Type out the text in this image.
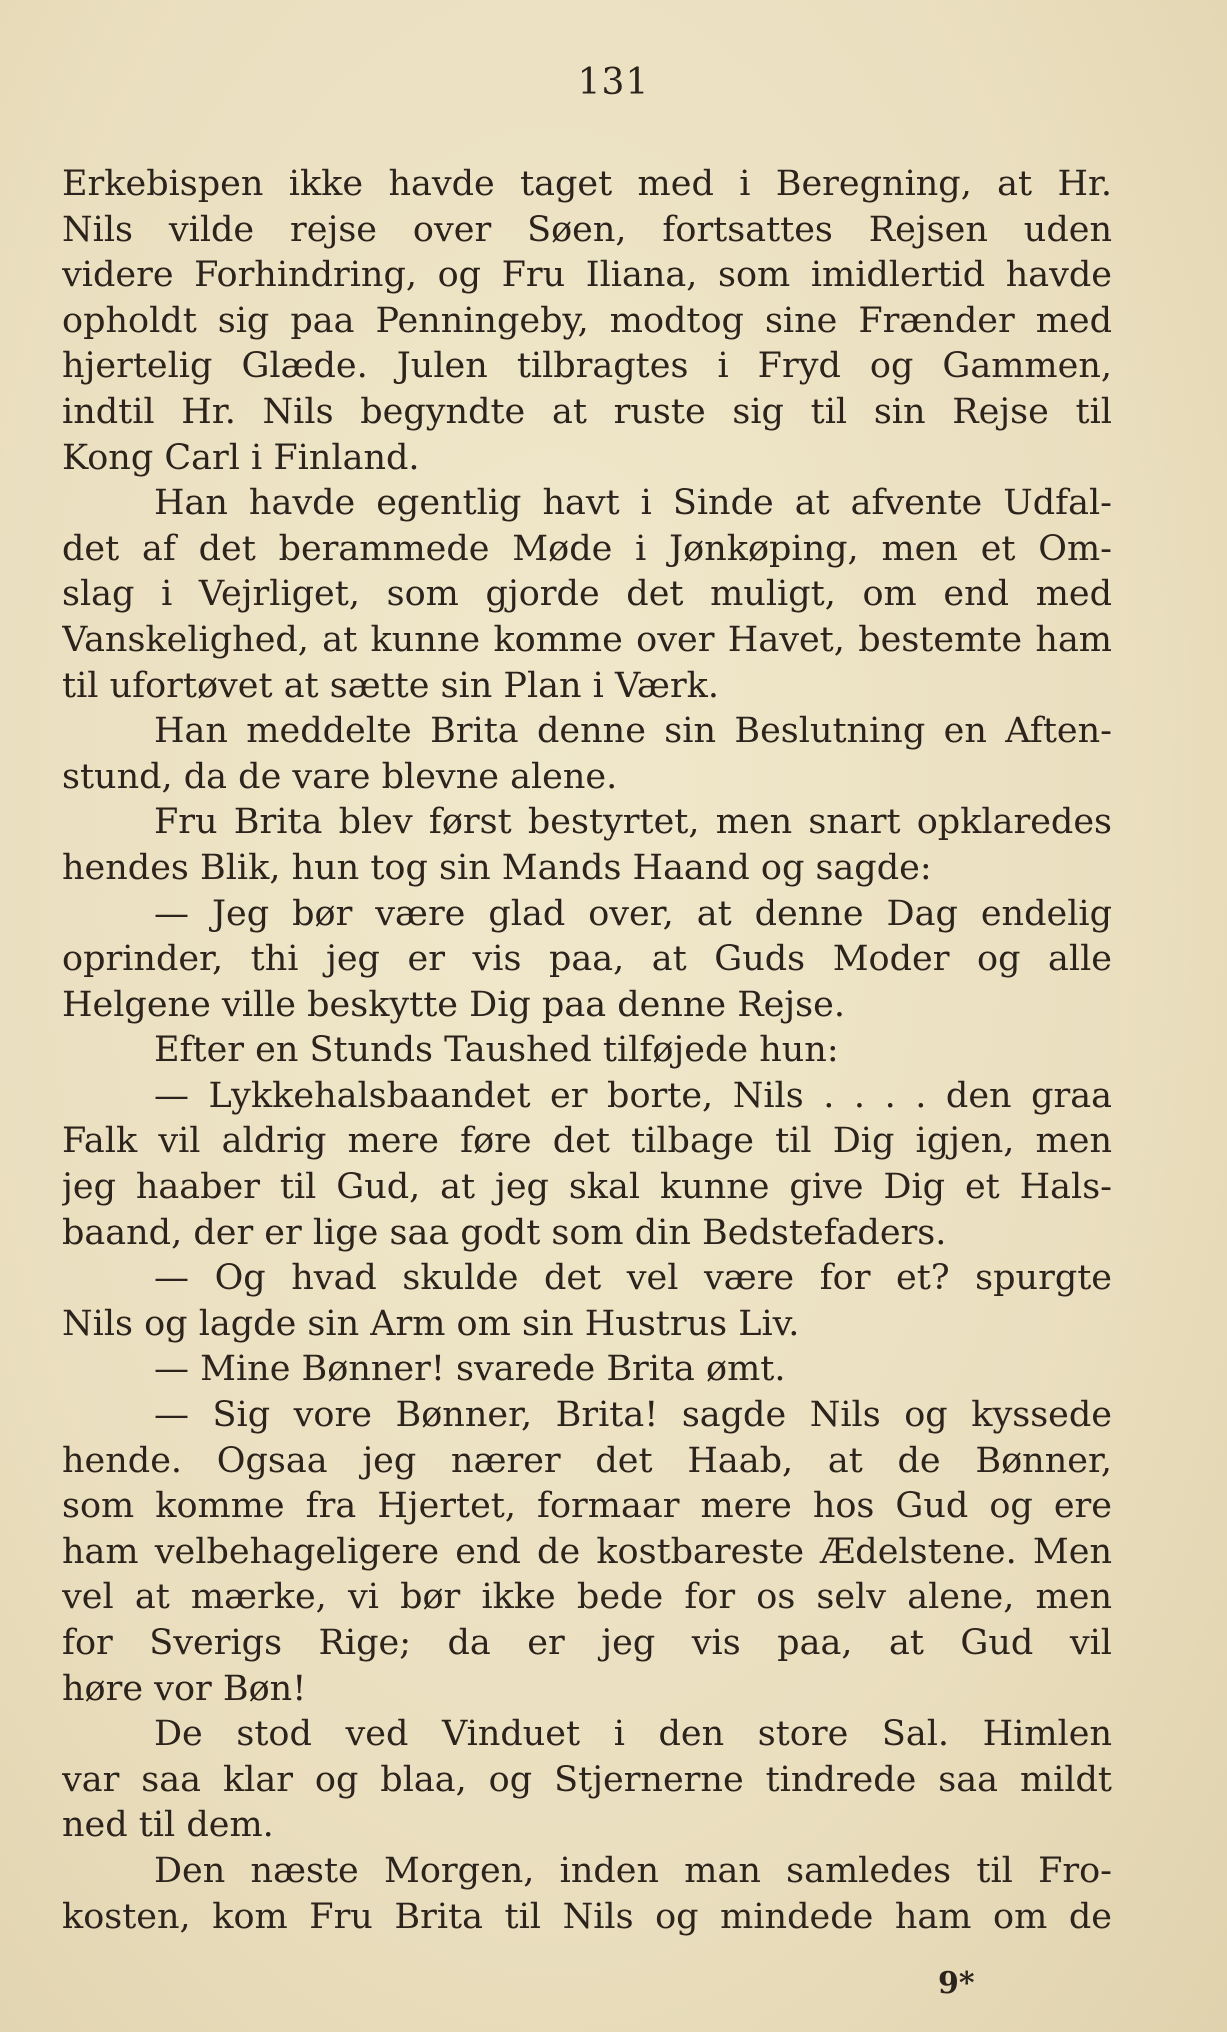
131
Erkebispen ikke havde taget med i Beregning, at Hr.
Nils vilde rejse over Søen, fortsattes Rejsen uden
videre Forhindring, og Fru Iliana, som imidlertid havde
opholdt sig paa Penningeby, modtog sine Frænder med
hjertelig Glæde. Julen tilbragtes i Fryd og Gammen,
indtil Hr. Nils begyndte at ruste sig til sin Rejse til
Kong Carl i Finland.
Han havde egentlig havt i Sinde at afvente Udfal-
det af det berammede Møde i Jønkøping, men et Om-
slag i Vejrliget, som gjorde det muligt, om end med
Vanskelighed, at kunne komme over Havet, bestemte ham
til ufortøvet at sætte sin Plan i Værk.
Han meddelte Brita denne sin Beslutning en Aften-
stund, da de vare blevne alene.
Fru Brita blev først bestyrtet, men snart opklaredes
hendes Blik, hun tog sin Mands Haand og sagde:
— Jeg bør være glad over, at denne Dag endelig
oprinder, thi jeg er vis paa, at Guds Moder og alle
Helgene ville beskytte Dig paa denne Rejse.
Efter en Stunds Taushed tilføjede hun:
— Lykkehalsbaandet er borte, Nils . . . . den graa
Falk vil aldrig mere føre det tilbage til Dig igjen, men
jeg haaber til Gud, at jeg skal kunne give Dig et Hals-
baand, der er lige saa godt som din Bedstefaders.
— Og hvad skulde det vel være for et? spurgte
Nils og lagde sin Arm om sin Hustrus Liv.
— Mine Bønner! svarede Brita ømt.
— Sig vore Bønner, Brita! sagde Nils og kyssede
hende. Ogsaa jeg nærer det Haab, at de Bønner,
som komme fra Hjertet, formaar mere hos Gud og ere
ham velbehageligere end de kostbareste Ædelstene. Men
vel at mærke, vi bør ikke bede for os selv alene, men
for Sverigs Rige; da er jeg vis paa, at Gud vil
høre vor Bøn!
De stod ved Vinduet i den store Sal. Himlen
var saa klar og blaa, og Stjernerne tindrede saa mildt
ned til dem.
Den næste Morgen, inden man samledes til Fro-
kosten, kom Fru Brita til Nils og mindede ham om de
9*
